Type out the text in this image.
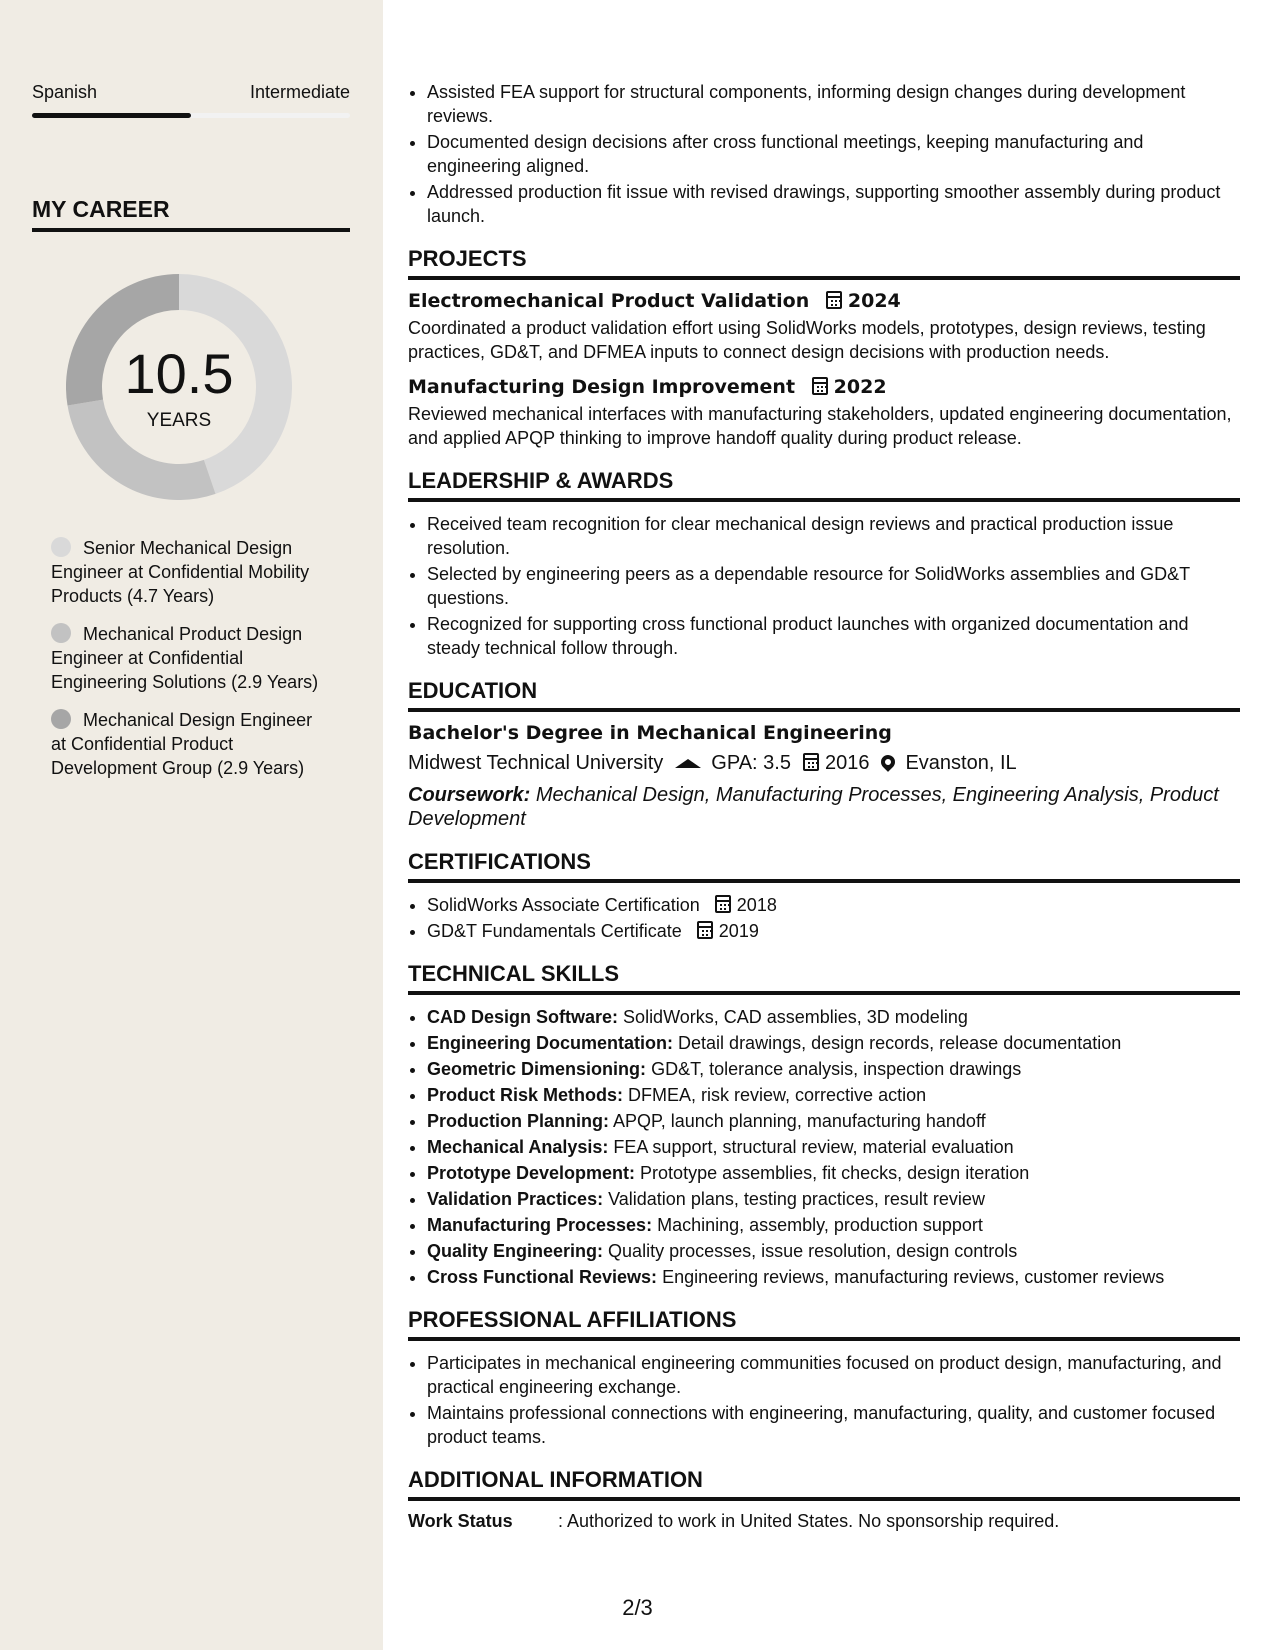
Spanish	Intermediate
MY CAREER
10.5
YEARS
Senior Mechanical Design Engineer at Confidential Mobility Products (4.7 Years)
Mechanical Product Design Engineer at Confidential Engineering Solutions (2.9 Years)
Mechanical Design Engineer at Confidential Product Development Group (2.9 Years)
• Assisted FEA support for structural components, informing design changes during development reviews.
• Documented design decisions after cross functional meetings, keeping manufacturing and engineering aligned.
• Addressed production fit issue with revised drawings, supporting smoother assembly during product launch.
PROJECTS
Electromechanical Product Validation 2024
Coordinated a product validation effort using SolidWorks models, prototypes, design reviews, testing practices, GD&T, and DFMEA inputs to connect design decisions with production needs.
Manufacturing Design Improvement 2022
Reviewed mechanical interfaces with manufacturing stakeholders, updated engineering documentation, and applied APQP thinking to improve handoff quality during product release.
LEADERSHIP & AWARDS
• Received team recognition for clear mechanical design reviews and practical production issue resolution.
• Selected by engineering peers as a dependable resource for SolidWorks assemblies and GD&T questions.
• Recognized for supporting cross functional product launches with organized documentation and steady technical follow through.
EDUCATION
Bachelor's Degree in Mechanical Engineering
Midwest Technical University GPA: 3.5 2016 Evanston, IL
Coursework: Mechanical Design, Manufacturing Processes, Engineering Analysis, Product Development
CERTIFICATIONS
• SolidWorks Associate Certification 2018
• GD&T Fundamentals Certificate 2019
TECHNICAL SKILLS
• CAD Design Software: SolidWorks, CAD assemblies, 3D modeling
• Engineering Documentation: Detail drawings, design records, release documentation
• Geometric Dimensioning: GD&T, tolerance analysis, inspection drawings
• Product Risk Methods: DFMEA, risk review, corrective action
• Production Planning: APQP, launch planning, manufacturing handoff
• Mechanical Analysis: FEA support, structural review, material evaluation
• Prototype Development: Prototype assemblies, fit checks, design iteration
• Validation Practices: Validation plans, testing practices, result review
• Manufacturing Processes: Machining, assembly, production support
• Quality Engineering: Quality processes, issue resolution, design controls
• Cross Functional Reviews: Engineering reviews, manufacturing reviews, customer reviews
PROFESSIONAL AFFILIATIONS
• Participates in mechanical engineering communities focused on product design, manufacturing, and practical engineering exchange.
• Maintains professional connections with engineering, manufacturing, quality, and customer focused product teams.
ADDITIONAL INFORMATION
Work Status	: Authorized to work in United States. No sponsorship required.
2/3
